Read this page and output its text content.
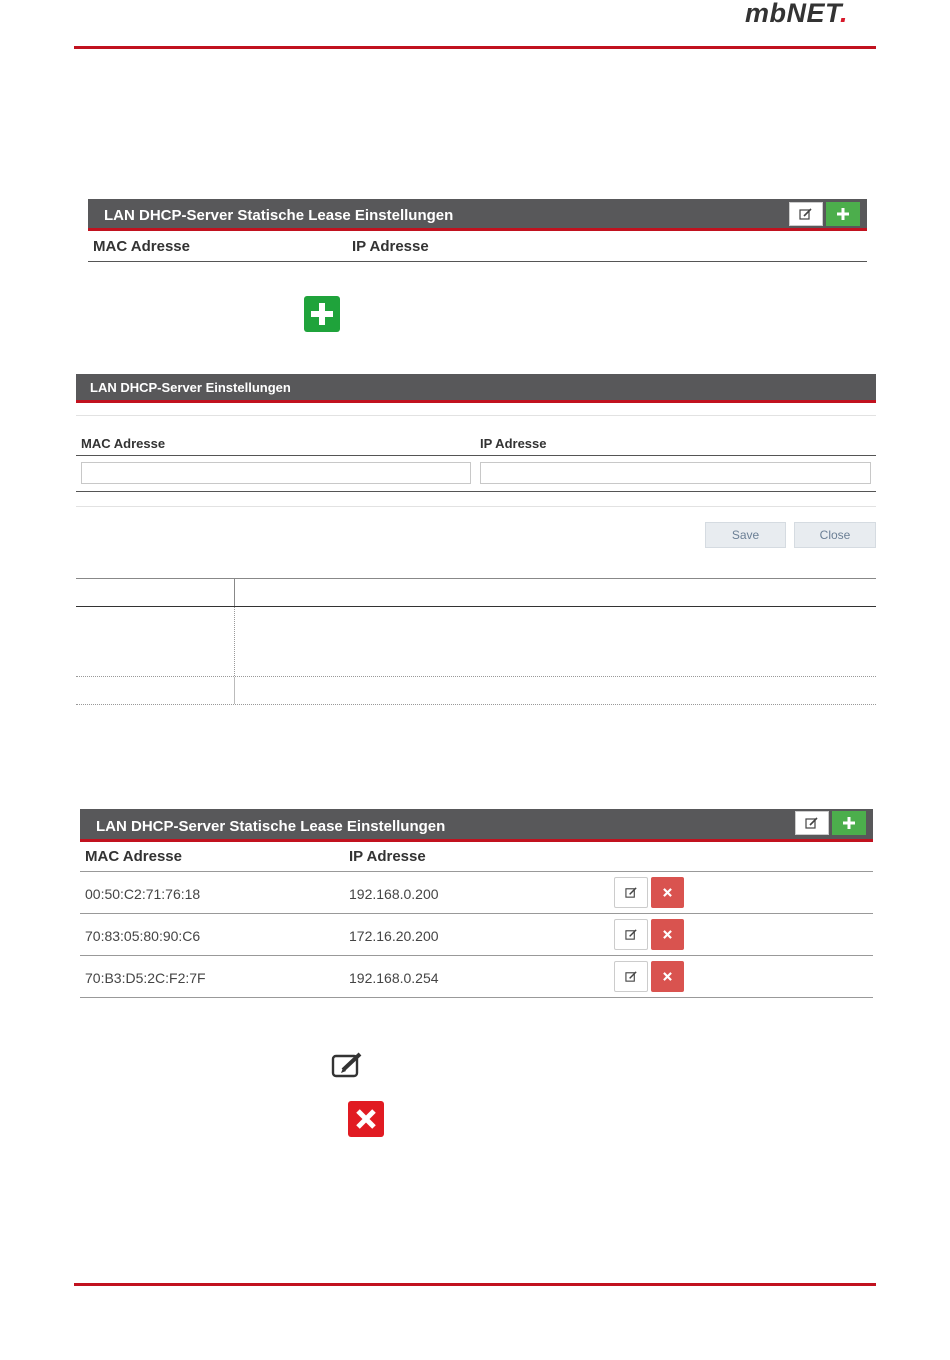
mbNET.
LAN DHCP-Server Statische Lease Einstellungen
MAC Adresse	IP Adresse
LAN DHCP-Server Einstellungen
MAC Adresse	IP Adresse
Save	Close
LAN DHCP-Server Statische Lease Einstellungen
MAC Adresse	IP Adresse
00:50:C2:71:76:18	192.168.0.200
70:83:05:80:90:C6	172.16.20.200
70:B3:D5:2C:F2:7F	192.168.0.254
